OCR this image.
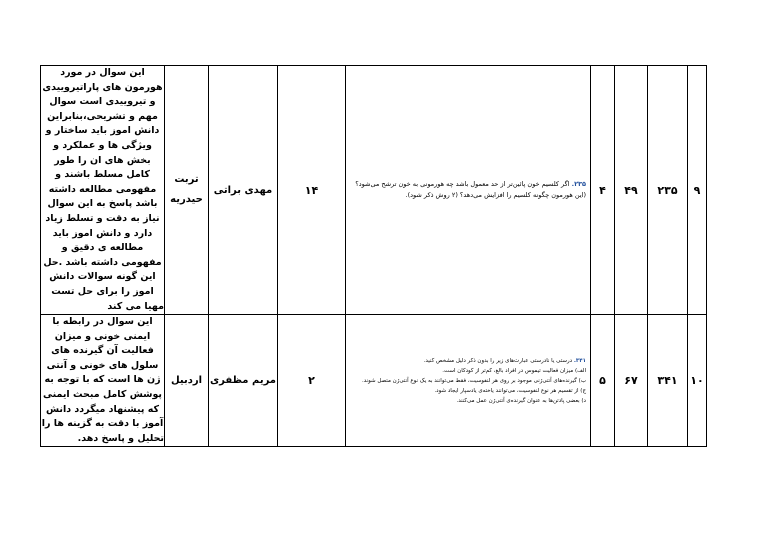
۹	۲۳۵	۴۹	۴	۲۳۵. اگر کلسیم خون پائین‌تر از حد معمول باشد چه هورمونی به خون ترشح می‌شود؟
(این هورمون چگونه کلسیم را افزایش می‌دهد؟ (۲ روش ذکر شود).	۱۴	مهدی براتی	تربت حیدریه	این سوال در مورد هورمون های پاراتیروییدی و تیروییدی است سوال مهم و تشریحی،بنابراین دانش اموز باید ساختار و ویژگی ها و عملکرد و بخش های ان را طور کامل مسلط باشند و مفهومی مطالعه داشته باشد پاسخ به این سوال نیاز به دقت و تسلط زیاد دارد و دانش اموز باید مطالعه ی دقیق و مفهومی داشته باشد .حل این گونه سوالات دانش اموز را برای حل تست مهیا می کند
۱۰	۳۴۱	۶۷	۵	۳۴۱. درستی یا نادرستی عبارت‌های زیر را بدون ذکر دلیل مشخص کنید.
الف) میزان فعالیت تیموس در افراد بالغ، کم‌تر از کودکان است.
ب) گیرنده‌های آنتی‌ژنی موجود بر روی هر لنفوسیت، فقط می‌توانند به یک نوع آنتی‌ژن متصل شوند.
ج) از تقسیم هر نوع لنفوسیت، می‌توانند یاخته‌ی یادسپار ایجاد شود.
د) بعضی پادتن‌ها به عنوان گیرنده‌ی آنتی‌ژن عمل می‌کنند.	۲	مریم مظفری	اردبیل	این سوال در رابطه با ایمنی خونی و میزان فعالیت آن گیرنده های سلول های خونی و آنتی ژن ها است که با توجه به پوشش کامل مبحث ایمنی که پیشنهاد میگردد دانش آموز با دقت به گزینه ها را تحلیل و پاسخ دهد.
